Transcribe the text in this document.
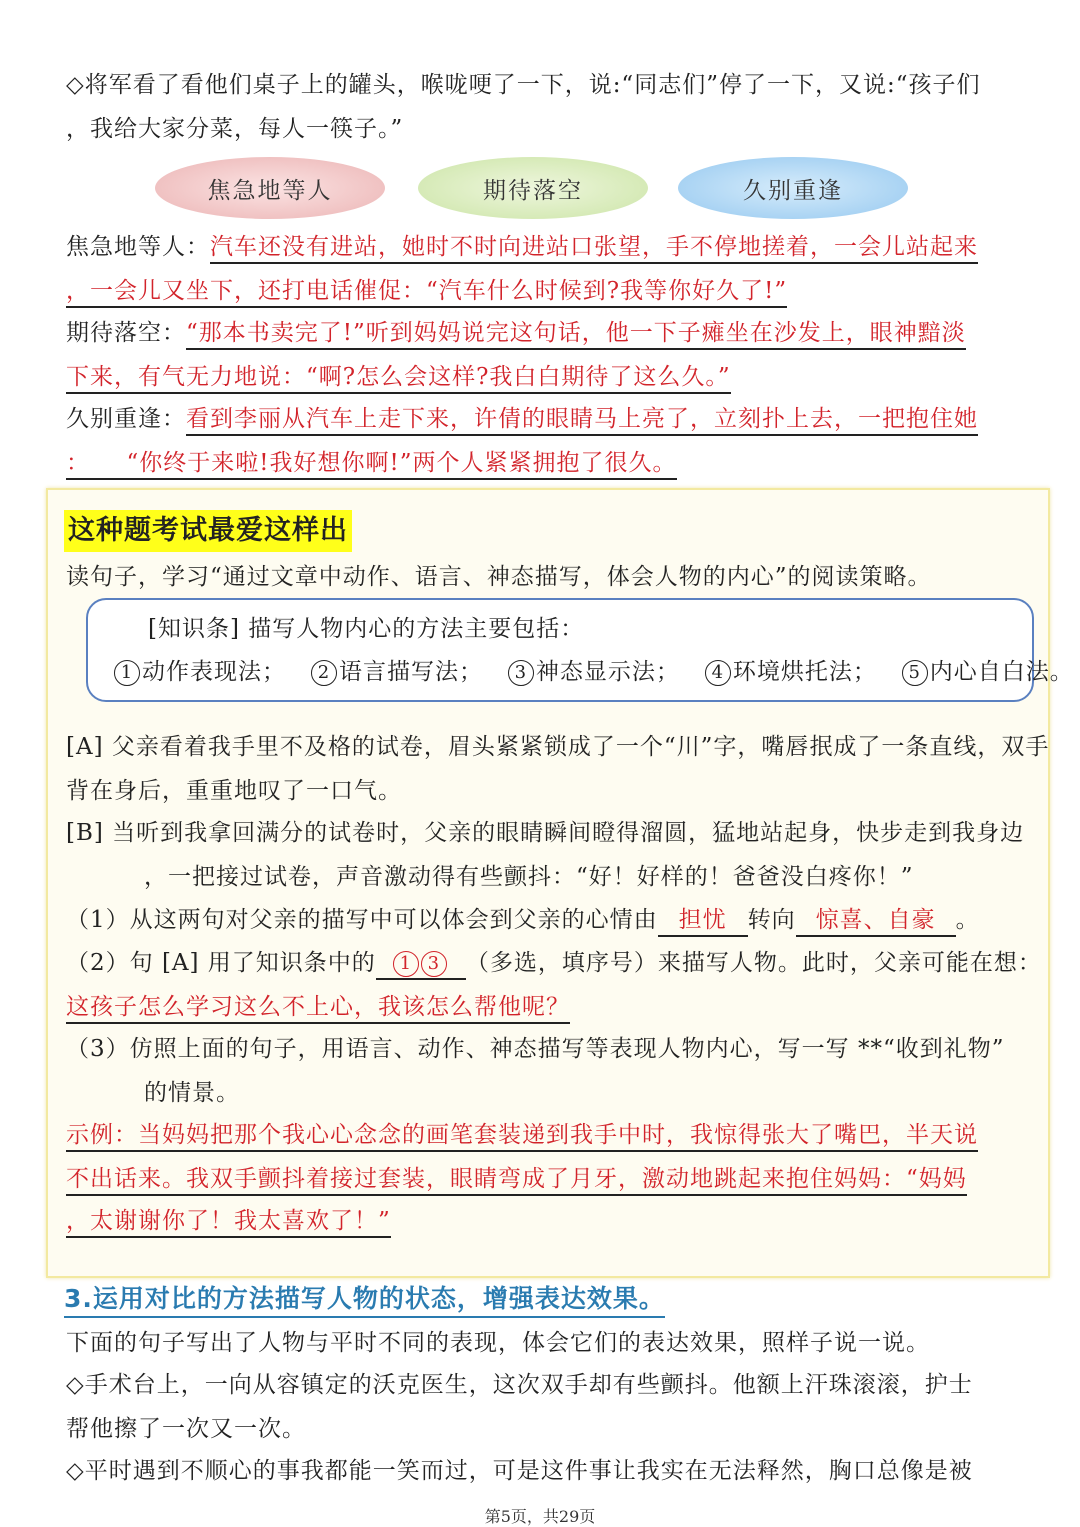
◇将军看了看他们桌子上的罐头，喉咙哽了一下，说:“同志们”停了一下，又说:“孩子们
，我给大家分菜，每人一筷子。”
焦急地等人	期待落空	久别重逢
焦急地等人：汽车还没有进站，她时不时向进站口张望，手不停地搓着，一会儿站起来
，一会儿又坐下，还打电话催促：“汽车什么时候到?我等你好久了!”
期待落空：“那本书卖完了!”听到妈妈说完这句话，他一下子瘫坐在沙发上，眼神黯淡
下来，有气无力地说：“啊?怎么会这样?我白白期待了这么久。”
久别重逢：看到李丽从汽车上走下来，许倩的眼睛马上亮了，立刻扑上去，一把抱住她
：　　“你终于来啦!我好想你啊!”两个人紧紧拥抱了很久。
这种题考试最爱这样出
读句子，学习“通过文章中动作、语言、神态描写，体会人物的内心”的阅读策略。
[知识条] 描写人物内心的方法主要包括：
1 动作表现法； 2 语言描写法； 3 神态显示法； 4 环境烘托法； 5 内心自白法。
[A] 父亲看着我手里不及格的试卷，眉头紧紧锁成了一个“川”字，嘴唇抿成了一条直线，双手
背在身后，重重地叹了一口气。
[B] 当听到我拿回满分的试卷时，父亲的眼睛瞬间瞪得溜圆，猛地站起身，快步走到我身边
，一把接过试卷，声音激动得有些颤抖：“好！好样的！爸爸没白疼你！”
（1）从这两句对父亲的描写中可以体会到父亲的心情由 担忧 转向 惊喜、自豪 。
（2）句 [A] 用了知识条中的 1 3 （多选，填序号）来描写人物。此时，父亲可能在想：
这孩子怎么学习这么不上心，我该怎么帮他呢？
（3）仿照上面的句子，用语言、动作、神态描写等表现人物内心，写一写 **“收到礼物”
的情景。
示例：当妈妈把那个我心心念念的画笔套装递到我手中时，我惊得张大了嘴巴，半天说
不出话来。我双手颤抖着接过套装，眼睛弯成了月牙，激动地跳起来抱住妈妈：“妈妈
，太谢谢你了！我太喜欢了！”
3.运用对比的方法描写人物的状态，增强表达效果。
下面的句子写出了人物与平时不同的表现，体会它们的表达效果，照样子说一说。
◇手术台上，一向从容镇定的沃克医生，这次双手却有些颤抖。他额上汗珠滚滚，护士
帮他擦了一次又一次。
◇平时遇到不顺心的事我都能一笑而过，可是这件事让我实在无法释然，胸口总像是被
第5页，共29页
